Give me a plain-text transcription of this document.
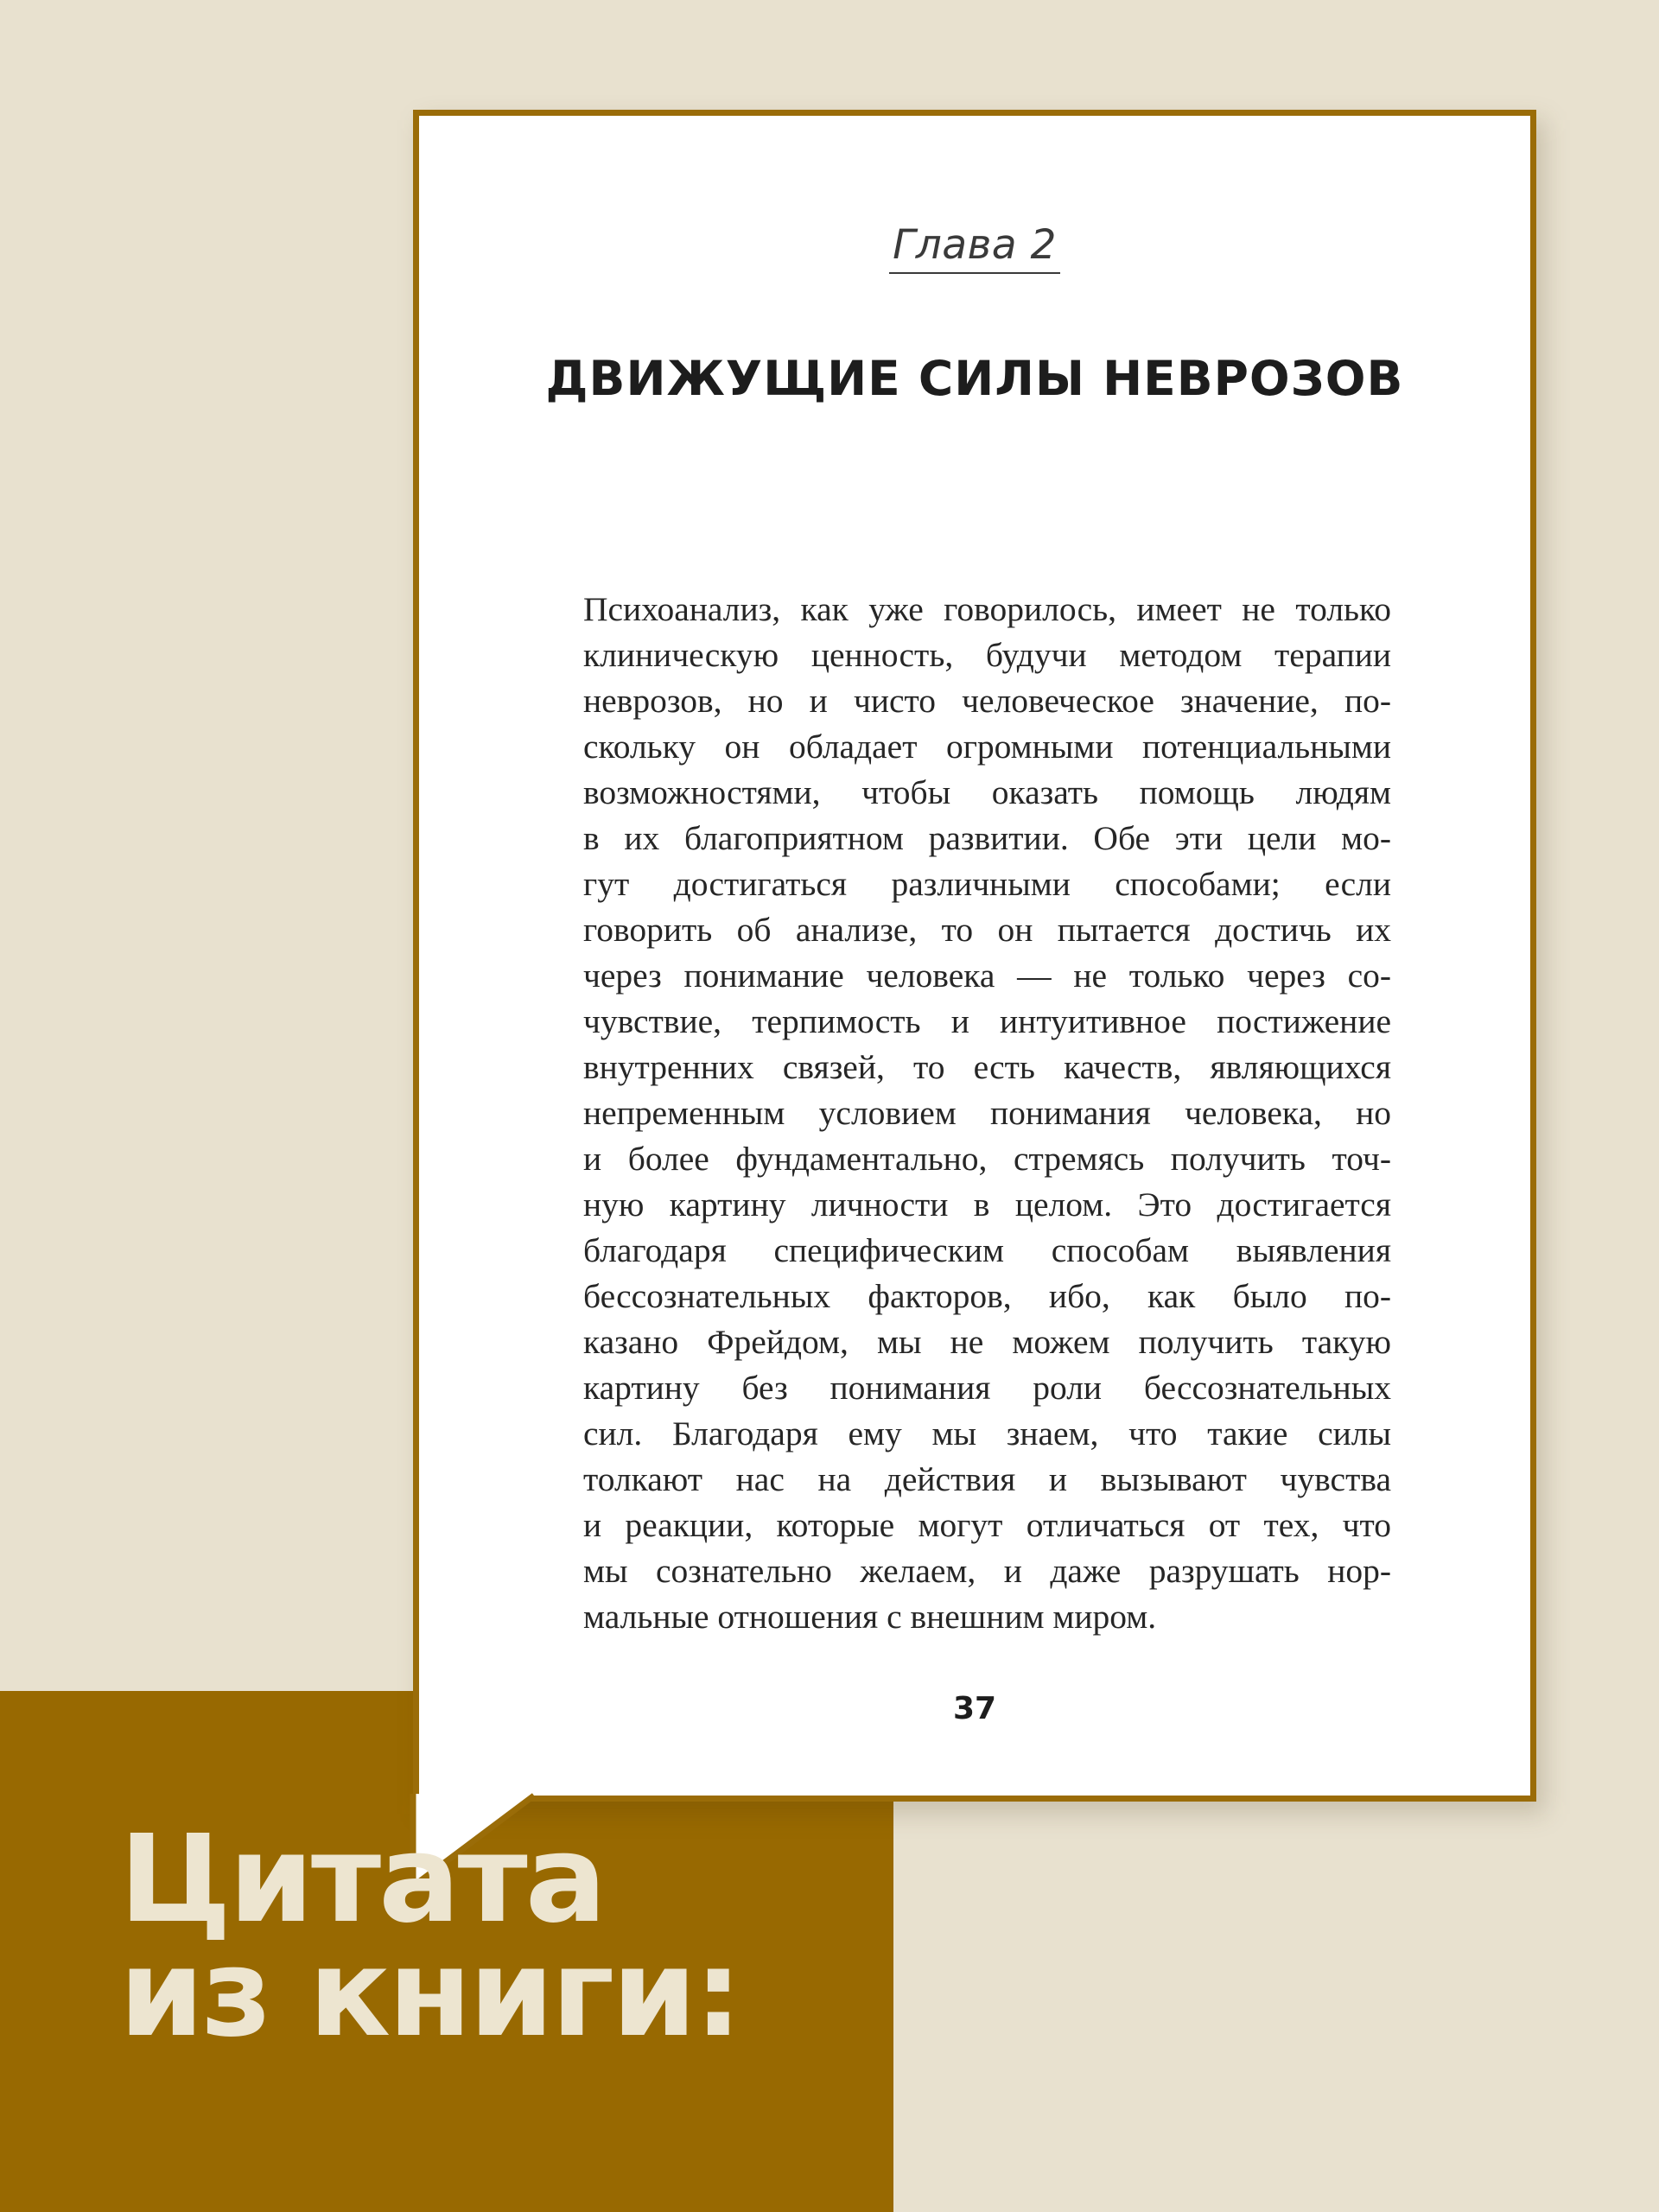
Глава 2
ДВИЖУЩИЕ СИЛЫ НЕВРОЗОВ
Психоанализ, как уже говорилось, имеет не только
клиническую ценность, будучи методом терапии
неврозов, но и чисто человеческое значение, по-
скольку он обладает огромными потенциальными
возможностями, чтобы оказать помощь людям
в их благоприятном развитии. Обе эти цели мо-
гут достигаться различными способами; если
говорить об анализе, то он пытается достичь их
через понимание человека — не только через со-
чувствие, терпимость и интуитивное постижение
внутренних связей, то есть качеств, являющихся
непременным условием понимания человека, но
и более фундаментально, стремясь получить точ-
ную картину личности в целом. Это достигается
благодаря специфическим способам выявления
бессознательных факторов, ибо, как было по-
казано Фрейдом, мы не можем получить такую
картину без понимания роли бессознательных
сил. Благодаря ему мы знаем, что такие силы
толкают нас на действия и вызывают чувства
и реакции, которые могут отличаться от тех, что
мы сознательно желаем, и даже разрушать нор-
мальные отношения с внешним миром.
37
Цитата
из книги:
